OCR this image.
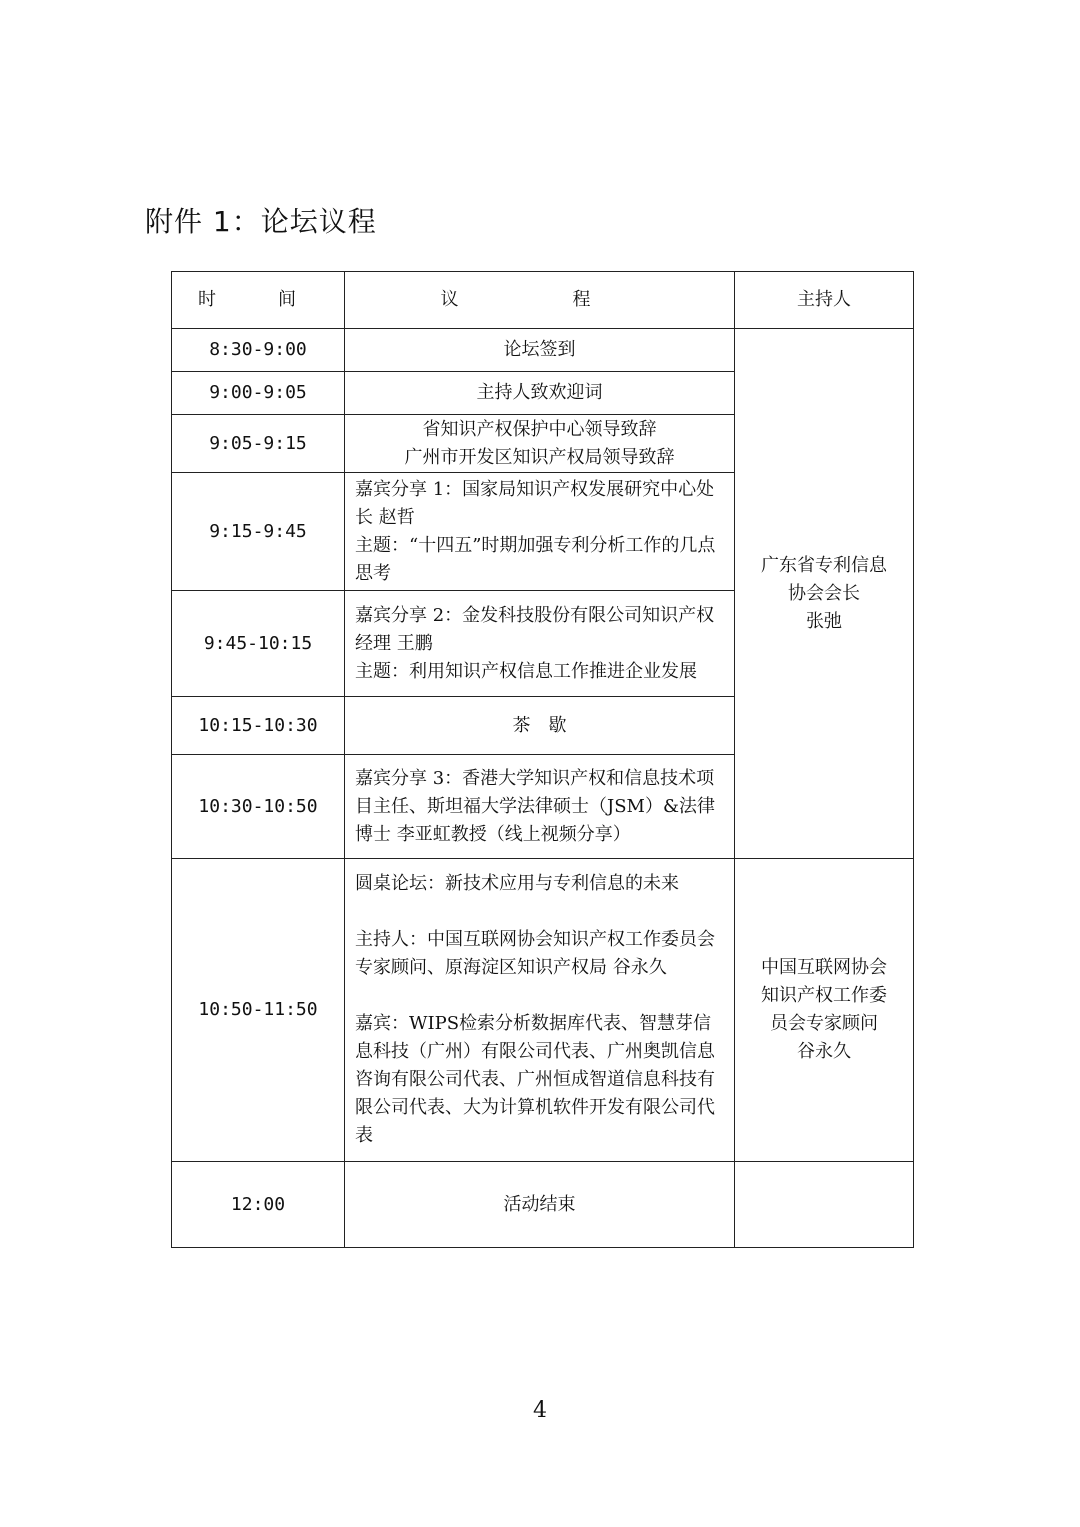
附件 1：论坛议程
时　间	议　程	主持人
8:30-9:00	论坛签到	广东省专利信息
协会会长
张弛

9:00-9:05	主持人致欢迎词	
9:05-9:15	省知识产权保护中心领导致辞
广州市开发区知识产权局领导致辞	

9:15-9:45	嘉宾分享 1：国家局知识产权发展研究中心处长 赵哲
主题：“十四五”时期加强专利分析工作的几点思考	

9:45-10:15	嘉宾分享 2：金发科技股份有限公司知识产权经理 王鹏
主题：利用知识产权信息工作推进企业发展	

10:15-10:30	茶　歇	
10:30-10:50	嘉宾分享 3：香港大学知识产权和信息技术项目主任、斯坦福大学法律硕士（JSM）&法律博士 李亚虹教授（线上视频分享）	

10:50-11:50	圆桌论坛：新技术应用与专利信息的未来
主持人：中国互联网协会知识产权工作委员会专家顾问、原海淀区知识产权局 谷永久
嘉宾：WIPS检索分析数据库代表、智慧芽信息科技（广州）有限公司代表、广州奥凯信息咨询有限公司代表、广州恒成智道信息科技有限公司代表、大为计算机软件开发有限公司代表	中国互联网协会
知识产权工作委
员会专家顾问
谷永久

12:00	活动结束	
4
